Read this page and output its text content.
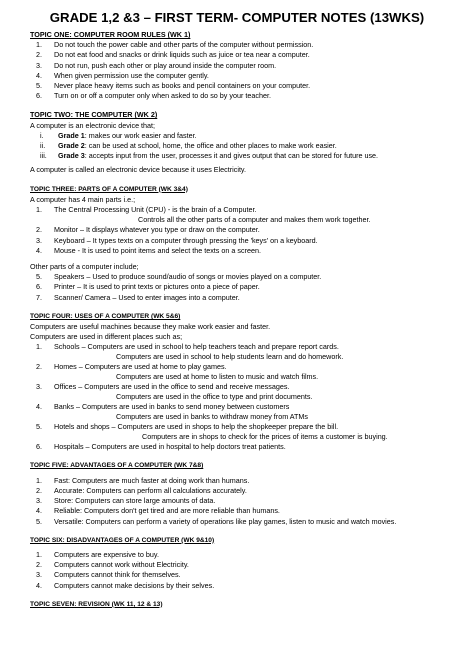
GRADE 1,2 &3 – FIRST TERM- COMPUTER NOTES (13WKS)
TOPIC ONE: COMPUTER ROOM RULES (WK 1)
1.	Do not touch the power cable and other parts of the computer without permission.
2.	Do not eat food and snacks or drink liquids such as juice or tea near a computer.
3.	Do not run, push each other or play around inside the computer room.
4.	When given permission use the computer gently.
5.	Never place heavy items such as books and pencil containers on your computer.
6.	Turn on or off a computer only when asked to do so by your teacher.
TOPIC TWO: THE COMPUTER (WK 2)
A computer is an electronic device that;
i.	Grade 1: makes our work easier and faster.
ii.	Grade 2: can be used at school, home, the office and other places to make work easier.
iii.	Grade 3: accepts input from the user, processes it and gives output that can be stored for future use.
A computer is called an electronic device because it uses Electricity.
TOPIC THREE: PARTS OF A COMPUTER (WK 3&4)
A computer has 4 main parts i.e.;
1.	The Central Processing Unit (CPU) - is the brain of a Computer.
Controls all the other parts of a computer and makes them work together.
2.	Monitor – It displays whatever you type or draw on the computer.
3.	Keyboard – It types texts on a computer through pressing the 'keys' on a keyboard.
4.	Mouse - It is used to point items and select the texts on a screen.
Other parts of a computer include;
5.	Speakers – Used to produce sound/audio of songs or movies played on a computer.
6.	Printer – It is used to print texts or pictures onto a piece of paper.
7.	Scanner/ Camera – Used to enter images into a computer.
TOPIC FOUR: USES OF A COMPUTER (WK 5&6)
Computers are useful machines because they make work easier and faster.
Computers are used in different places such as;
1.	Schools – Computers are used in school to help teachers teach and prepare report cards.
Computers are used in school to help students learn and do homework.
2.	Homes – Computers are used at home to play games.
Computers are used at home to listen to music and watch films.
3.	Offices – Computers are used in the office to send and receive messages.
Computers are used in the office to type and print documents.
4.	Banks – Computers are used in banks to send money between customers
Computers are used in banks to withdraw money from ATMs
5.	Hotels and shops – Computers are used in shops to help the shopkeeper prepare the bill.
Computers are in shops to check for the prices of items a customer is buying.
6.	Hospitals – Computers are used in hospital to help doctors treat patients.
TOPIC FIVE: ADVANTAGES OF A COMPUTER (WK 7&8)
1.	Fast: Computers are much faster at doing work than humans.
2.	Accurate: Computers can perform all calculations accurately.
3.	Store: Computers can store large amounts of data.
4.	Reliable: Computers don't get tired and are more reliable than humans.
5.	Versatile: Computers can perform a variety of operations like play games, listen to music and watch movies.
TOPIC SIX: DISADVANTAGES OF A COMPUTER (WK 9&10)
1.	Computers are expensive to buy.
2.	Computers cannot work without Electricity.
3.	Computers cannot think for themselves.
4.	Computers cannot make decisions by their selves.
TOPIC SEVEN: REVISION (WK 11, 12 & 13)
